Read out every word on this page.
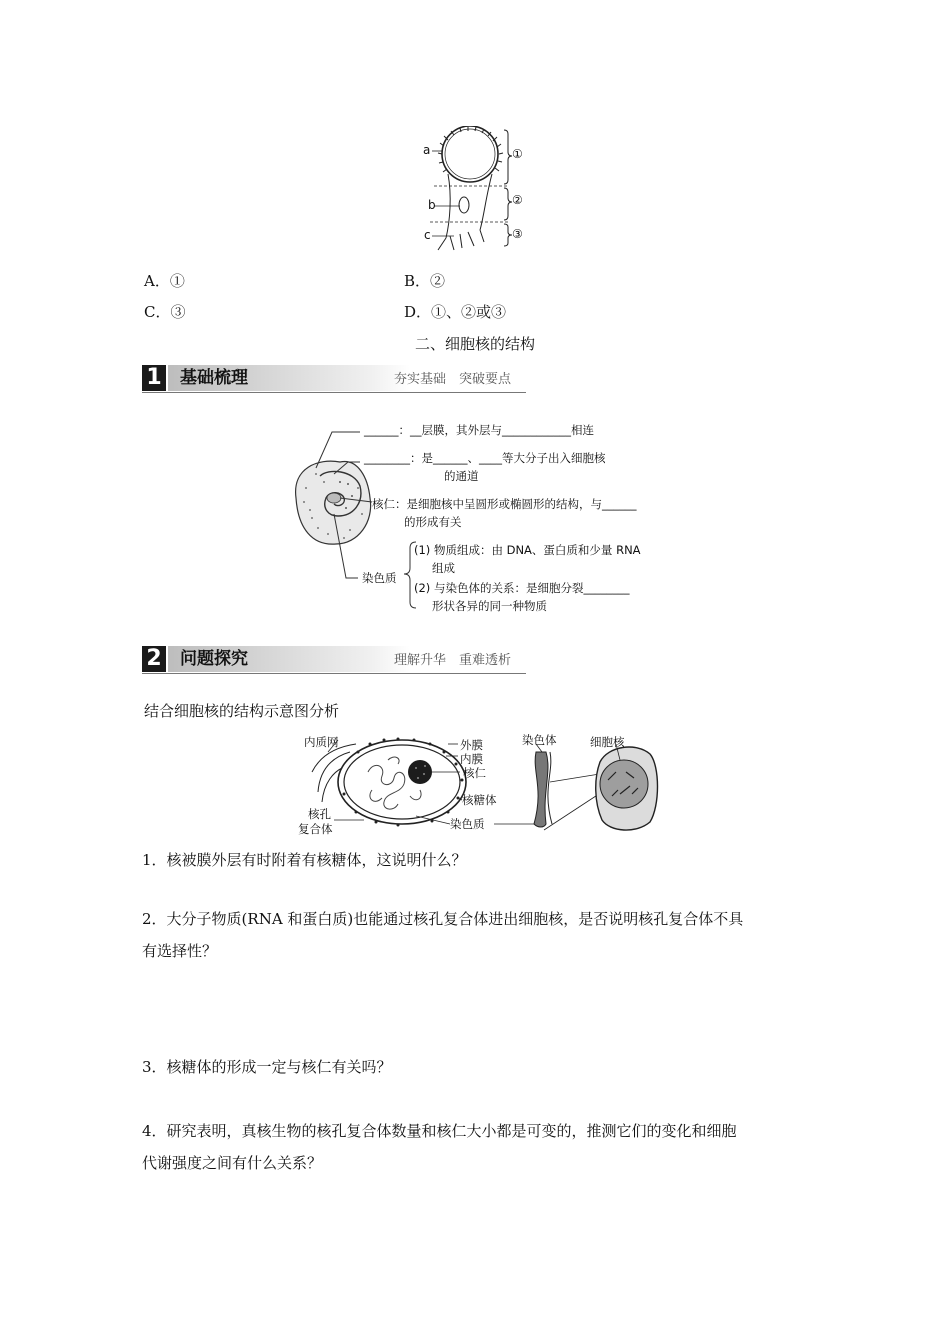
a
b
c
①
②
③
A．①	B．②
C．③	D．①、②或③
二、细胞核的结构
1 基础梳理	夯实基础　突破要点
______：__层膜，其外层与____________相连
________：是______、____等大分子出入细胞核
的通道
核仁：是细胞核中呈圆形或椭圆形的结构，与______
的形成有关
染色质
(1) 物质组成：由 DNA、蛋白质和少量 RNA
组成
(2) 与染色体的关系：是细胞分裂________
形状各异的同一种物质
2 问题探究	理解升华　重难透析
结合细胞核的结构示意图分析
内质网	外膜
内膜
核仁
核糖体
染色质
核孔
复合体
染色体	细胞核
1．核被膜外层有时附着有核糖体，这说明什么？
2．大分子物质(RNA 和蛋白质)也能通过核孔复合体进出细胞核，是否说明核孔复合体不具
有选择性？
3．核糖体的形成一定与核仁有关吗？
4．研究表明，真核生物的核孔复合体数量和核仁大小都是可变的，推测它们的变化和细胞
代谢强度之间有什么关系？
